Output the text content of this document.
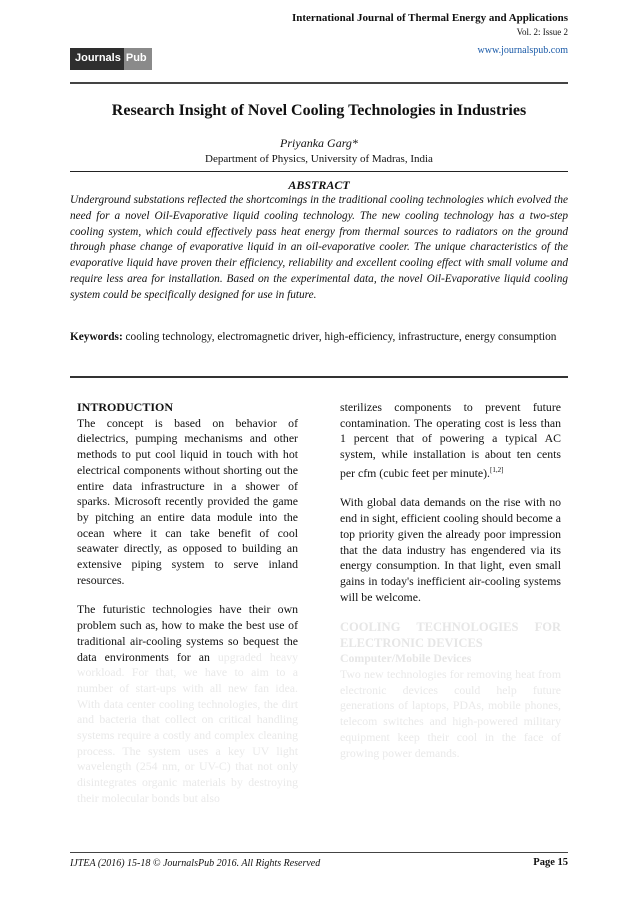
International Journal of Thermal Energy and Applications
Vol. 2: Issue 2
www.journalspub.com
Journals Pub
Research Insight of Novel Cooling Technologies in Industries
Priyanka Garg*
Department of Physics, University of Madras, India
ABSTRACT
Underground substations reflected the shortcomings in the traditional cooling technologies which evolved the need for a novel Oil-Evaporative liquid cooling technology. The new cooling technology has a two-step cooling system, which could effectively pass heat energy from thermal sources to radiators on the ground through phase change of evaporative liquid in an oil-evaporative cooler. The unique characteristics of the evaporative liquid have proven their efficiency, reliability and excellent cooling effect with small volume and require less area for installation. Based on the experimental data, the novel Oil-Evaporative liquid cooling system could be specifically designed for use in future.
Keywords: cooling technology, electromagnetic driver, high-efficiency, infrastructure, energy consumption
INTRODUCTION

The concept is based on behavior of dielectrics, pumping mechanisms and other methods to put cool liquid in touch with hot electrical components without shorting out the entire data infrastructure in a shower of sparks. Microsoft recently provided the game by pitching an entire data module into the ocean where it can take benefit of cool seawater directly, as opposed to building an extensive piping system to serve inland resources.

The futuristic technologies have their own problem such as, how to make the best use of traditional air-cooling systems so bequest the data environments for an upgraded heavy workload. For that, we have to aim to a number of start-ups with all new fan idea. With data center cooling technologies, the dirt and bacteria that collect on critical handling systems require a costly and complex cleaning process. The system uses a key UV light wavelength (254 nm, or UV-C) that not only disintegrates organic materials by destroying their molecular bonds but also

sterilizes components to prevent future contamination. The operating cost is less than 1 percent that of powering a typical AC system, while installation is about ten cents per cfm (cubic feet per minute).[1,2]

With global data demands on the rise with no end in sight, efficient cooling should become a top priority given the already poor impression that the data industry has engendered via its energy consumption. In that light, even small gains in today's inefficient air-cooling systems will be welcome.

COOLING TECHNOLOGIES FOR ELECTRONIC DEVICES
Computer/Mobile Devices

Two new technologies for removing heat from electronic devices could help future generations of laptops, PDAs, mobile phones, telecom switches and high-powered military equipment keep their cool in the face of growing power demands.

IJTEA (2016) 15-18 © JournalsPub 2016. All Rights Reserved	Page 15
